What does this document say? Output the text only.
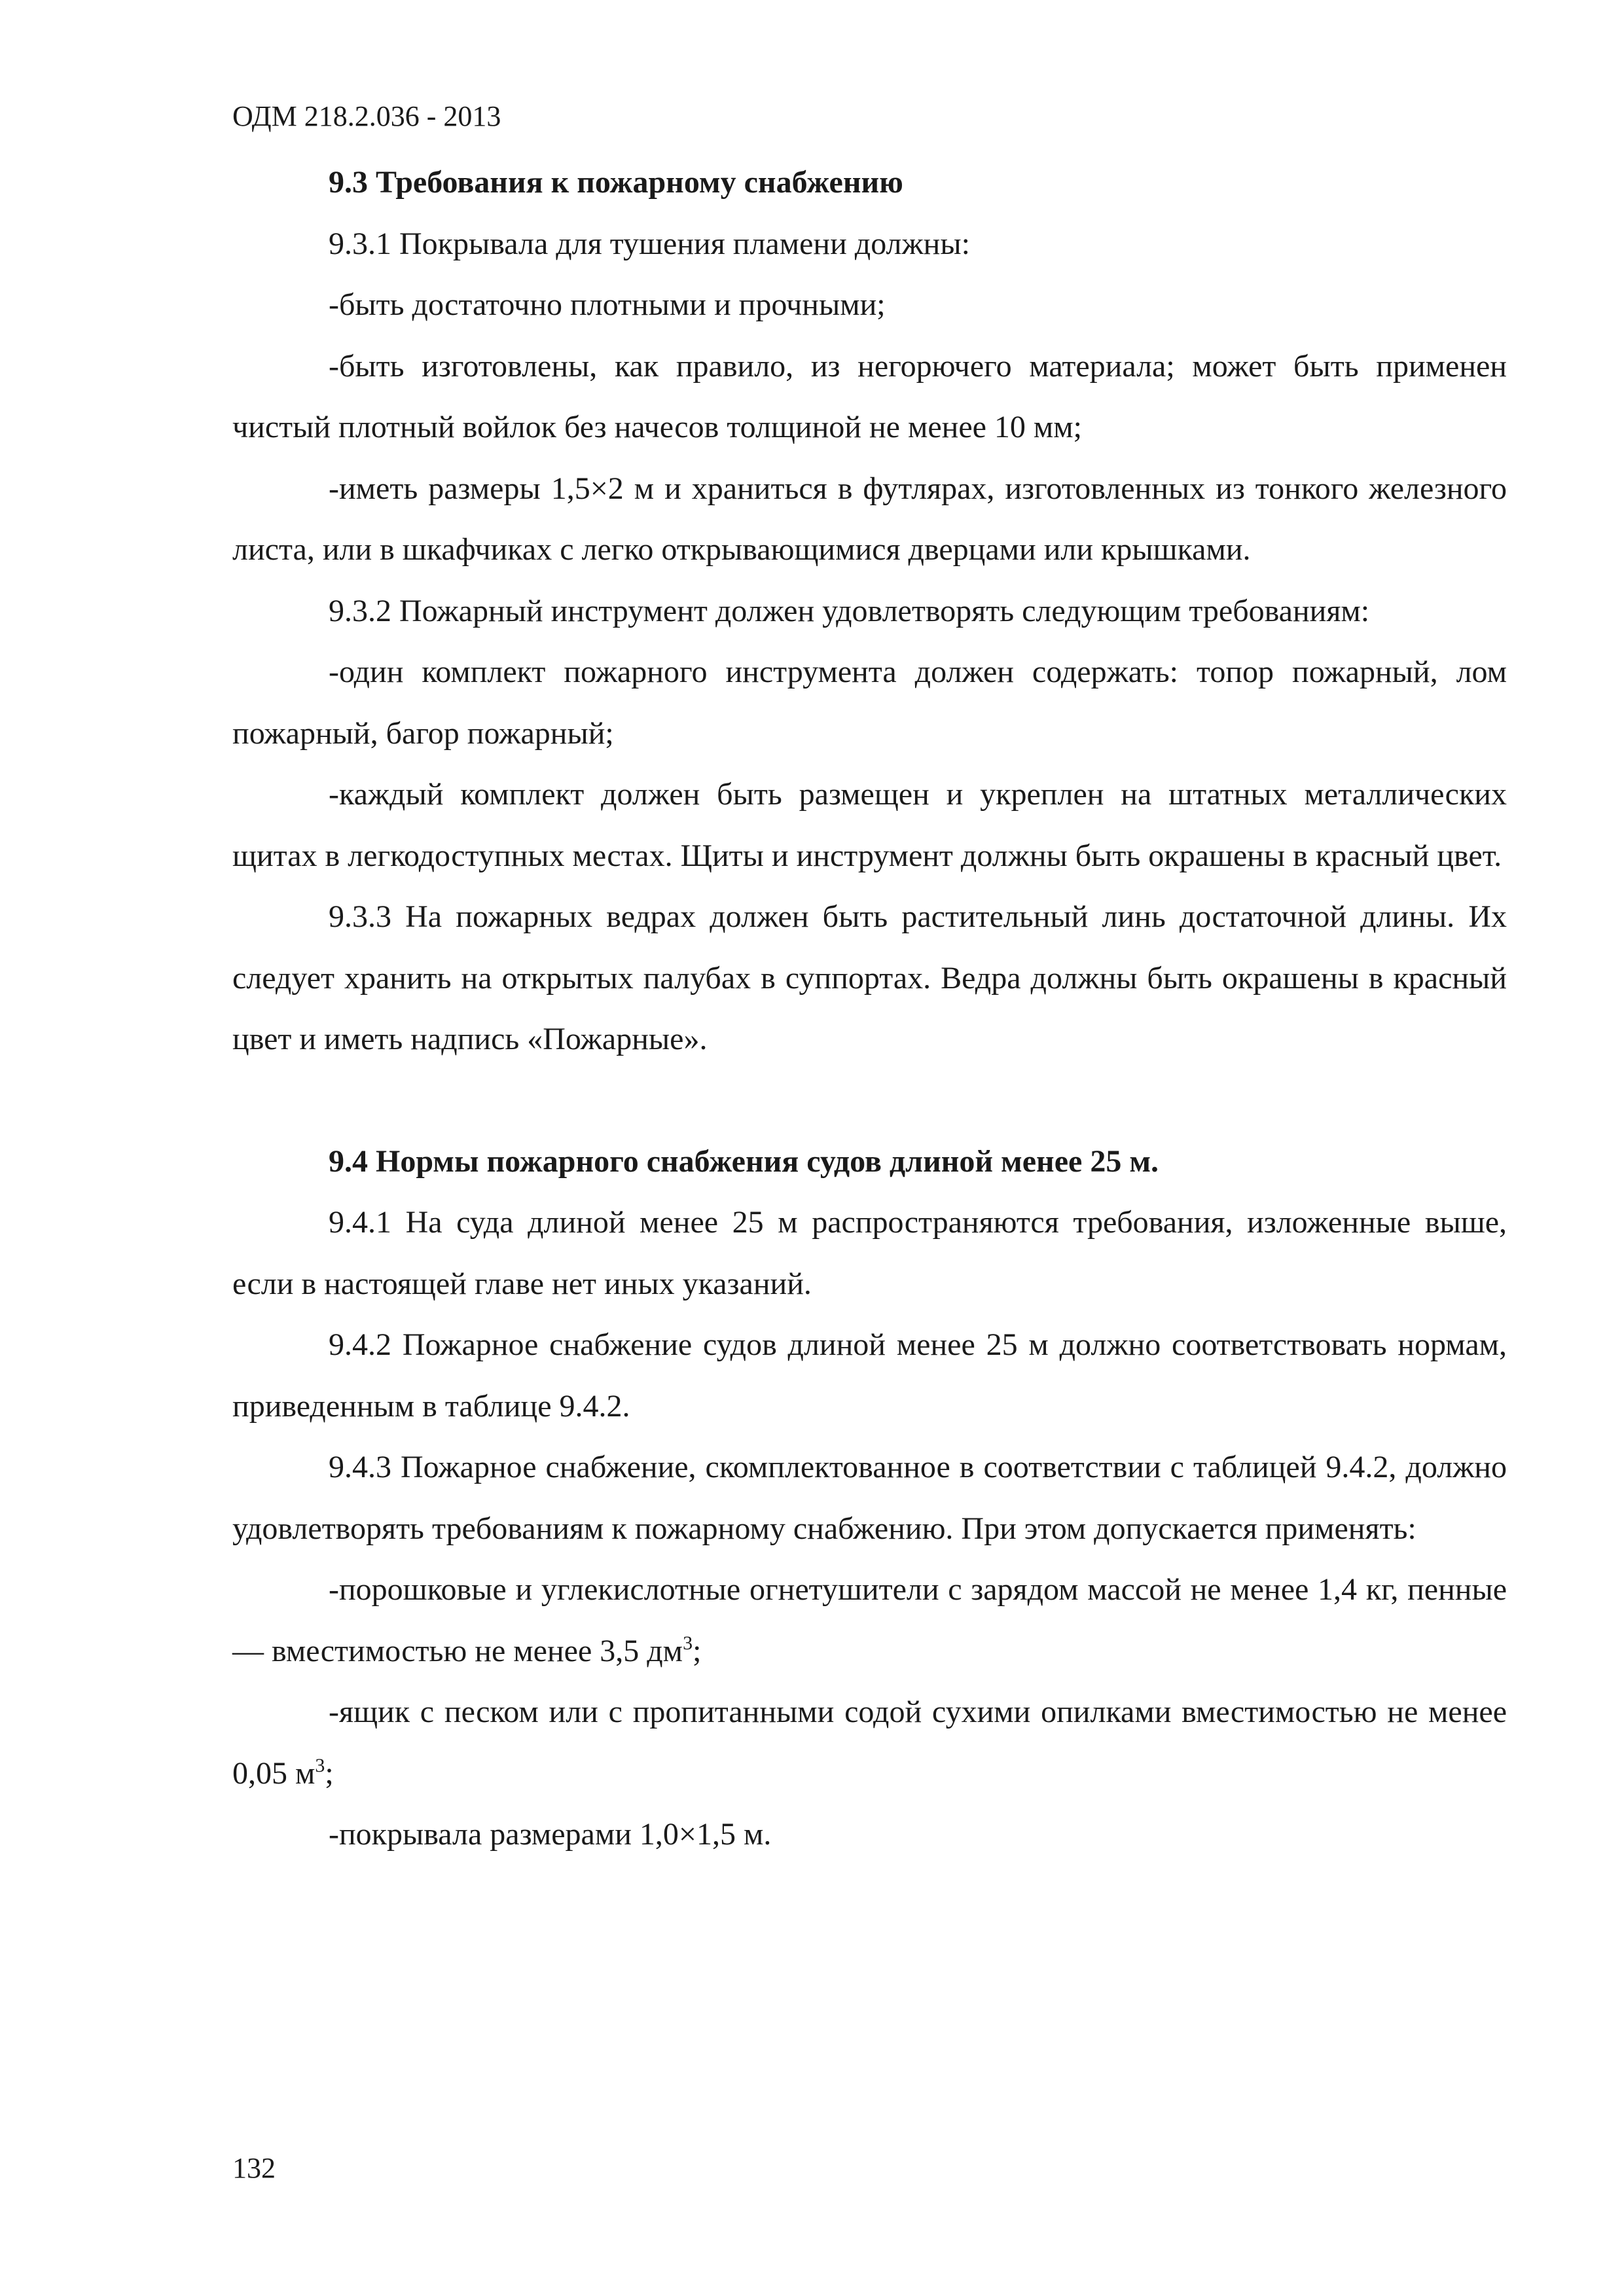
ОДМ 218.2.036 - 2013

9.3 Требования к пожарному снабжению

9.3.1 Покрывала для тушения пламени должны:

-быть достаточно плотными и прочными;

-быть изготовлены, как правило, из негорючего материала; может быть применен чистый плотный войлок без начесов толщиной не менее 10 мм;

-иметь размеры 1,5×2 м и храниться в футлярах, изготовленных из тонкого железного листа, или в шкафчиках с легко открывающимися дверцами или крышками.

9.3.2 Пожарный инструмент должен удовлетворять следующим требованиям:

-один комплект пожарного инструмента должен содержать: топор пожарный, лом пожарный, багор пожарный;

-каждый комплект должен быть размещен и укреплен на штатных металлических щитах в легкодоступных местах. Щиты и инструмент должны быть окрашены в красный цвет.

9.3.3 На пожарных ведрах должен быть растительный линь достаточной длины. Их следует хранить на открытых палубах в суппортах. Ведра должны быть окрашены в красный цвет и иметь надпись «Пожарные».

9.4 Нормы пожарного снабжения судов длиной менее 25 м.

9.4.1 На суда длиной менее 25 м распространяются требования, изложенные выше, если в настоящей главе нет иных указаний.

9.4.2 Пожарное снабжение судов длиной менее 25 м должно соответствовать нормам, приведенным в таблице 9.4.2.

9.4.3 Пожарное снабжение, скомплектованное в соответствии с таблицей 9.4.2, должно удовлетворять требованиям к пожарному снабжению. При этом допускается применять:

-порошковые и углекислотные огнетушители с зарядом массой не менее 1,4 кг, пенные — вместимостью не менее 3,5 $дм^3$;

-ящик с песком или с пропитанными содой сухими опилками вместимостью не менее 0,05 $м^3$;

-покрывала размерами 1,0×1,5 м.

132
